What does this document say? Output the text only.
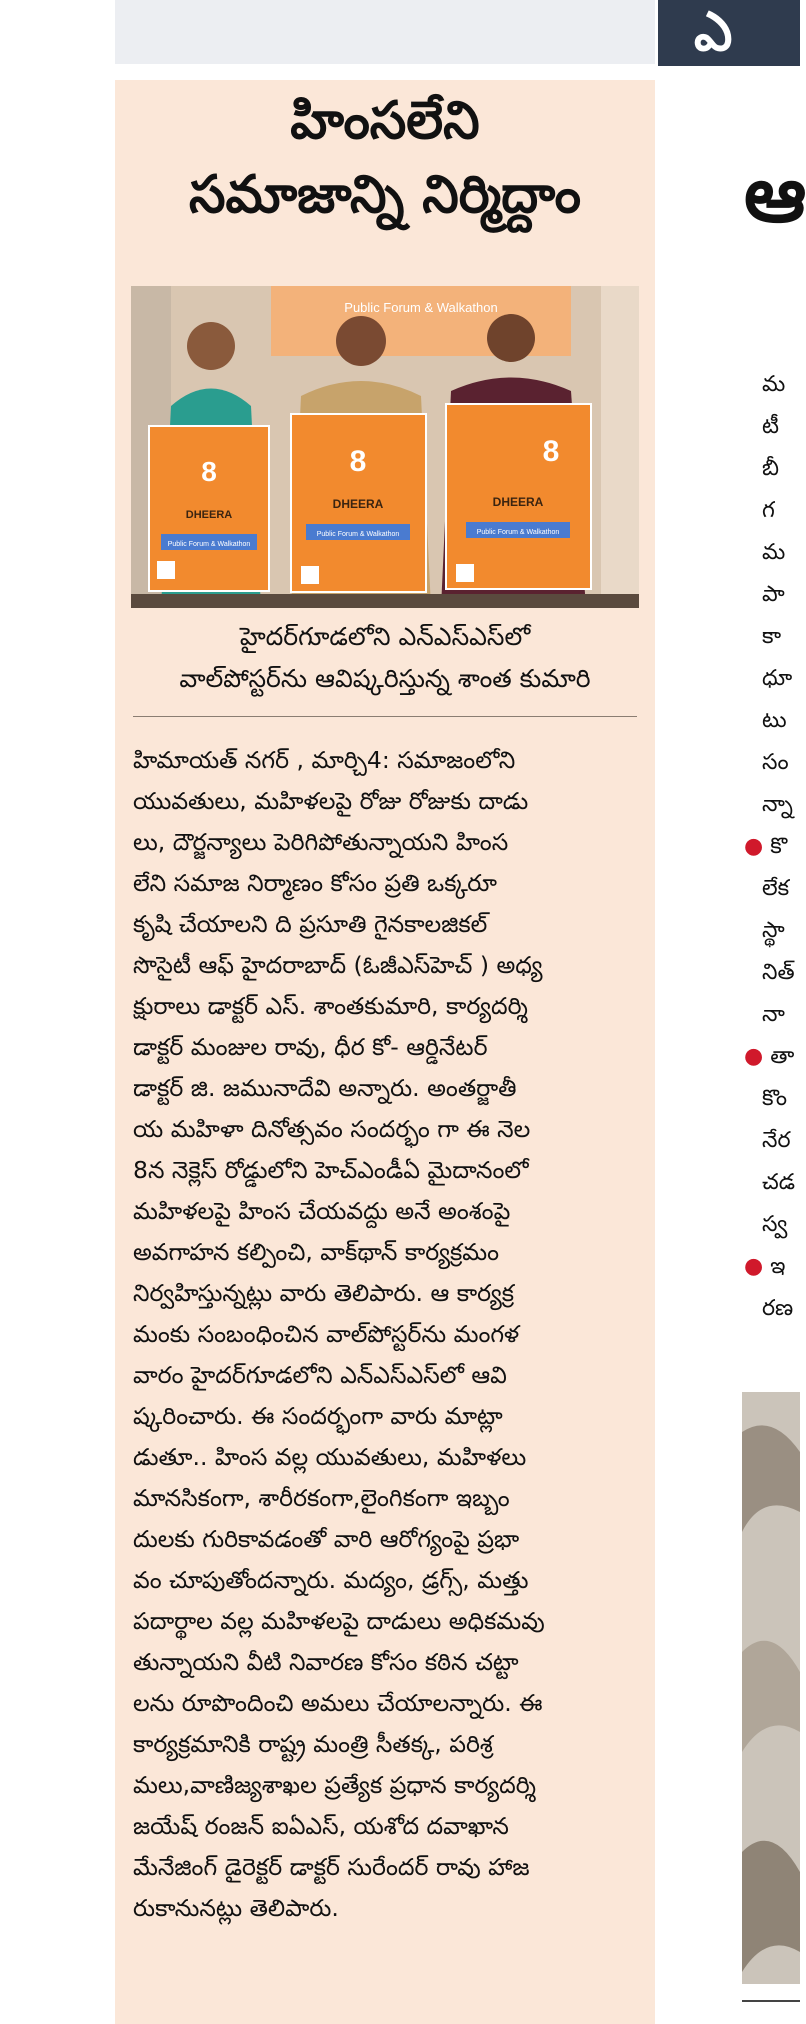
ఎ
హింసలేని
సమాజాన్ని నిర్మిద్దాం
Public Forum & Walkathon
8	8	8
DHEERA
DHEERA	DHEERA
Public Forum & Walkathon
Public Forum & Walkathon	Public Forum & Walkathon
హైదర్‌గూడలోని ఎన్ఎస్ఎస్‌లో
వాల్‌పోస్టర్‌ను ఆవిష్కరిస్తున్న శాంత కుమారి
హిమాయత్ నగర్ , మార్చి4: సమాజంలోని
యువతులు, మహిళలపై రోజు రోజుకు దాడు
లు, దౌర్జన్యాలు పెరిగిపోతున్నాయని హింస
లేని సమాజ నిర్మాణం కోసం ప్రతి ఒక్కరూ
కృషి చేయాలని ది ప్రసూతి గైనకాలజికల్
సొసైటీ ఆఫ్ హైదరాబాద్ (ఓజీఎస్‌హెచ్ ) అధ్య
క్షురాలు డాక్టర్ ఎస్. శాంతకుమారి, కార్యదర్శి
డాక్టర్ మంజుల రావు, ధీర కో- ఆర్డినేటర్
డాక్టర్ జి. జమునాదేవి అన్నారు. అంతర్జాతీ
య మహిళా దినోత్సవం సందర్భం గా ఈ నెల
8న నెక్లెస్ రోడ్డులోని హెచ్ఎండీఏ మైదానంలో
మహిళలపై హింస చేయవద్దు అనే అంశంపై
అవగాహన కల్పించి, వాక్‌థాన్ కార్యక్రమం
నిర్వహిస్తున్నట్లు వారు తెలిపారు. ఆ కార్యక్ర
మంకు సంబంధించిన వాల్‌పోస్టర్‌ను మంగళ
వారం హైదర్‌గూడలోని ఎన్ఎస్ఎస్‌లో ఆవి
ష్కరించారు. ఈ సందర్భంగా వారు మాట్లా
డుతూ.. హింస వల్ల యువతులు, మహిళలు
మానసికంగా, శారీరకంగా,లైంగికంగా ఇబ్బం
దులకు గురికావడంతో వారి ఆరోగ్యంపై ప్రభా
వం చూపుతోందన్నారు. మద్యం, డ్రగ్స్, మత్తు
పదార్థాల వల్ల మహిళలపై దాడులు అధికమవు
తున్నాయని వీటి నివారణ కోసం కఠిన చట్టా
లను రూపొందించి అమలు చేయాలన్నారు. ఈ
కార్యక్రమానికి రాష్ట్ర మంత్రి సీతక్క, పరిశ్ర
మలు,వాణిజ్యశాఖల ప్రత్యేక ప్రధాన కార్యదర్శి
జయేష్ రంజన్ ఐఏఎస్, యశోద దవాఖాన
మేనేజింగ్ డైరెక్టర్ డాక్టర్ సురేందర్ రావు హాజ
రుకానునట్లు తెలిపారు.
ఆ
మ
టీ
బీ
గ
మ
పా
కా
ధూ
టు
సం
న్నా
● కొ
లేక
స్థా
నిత్
నా
● తా
కొం
నేర
చడ
స్వ
● ఇ
రణ
